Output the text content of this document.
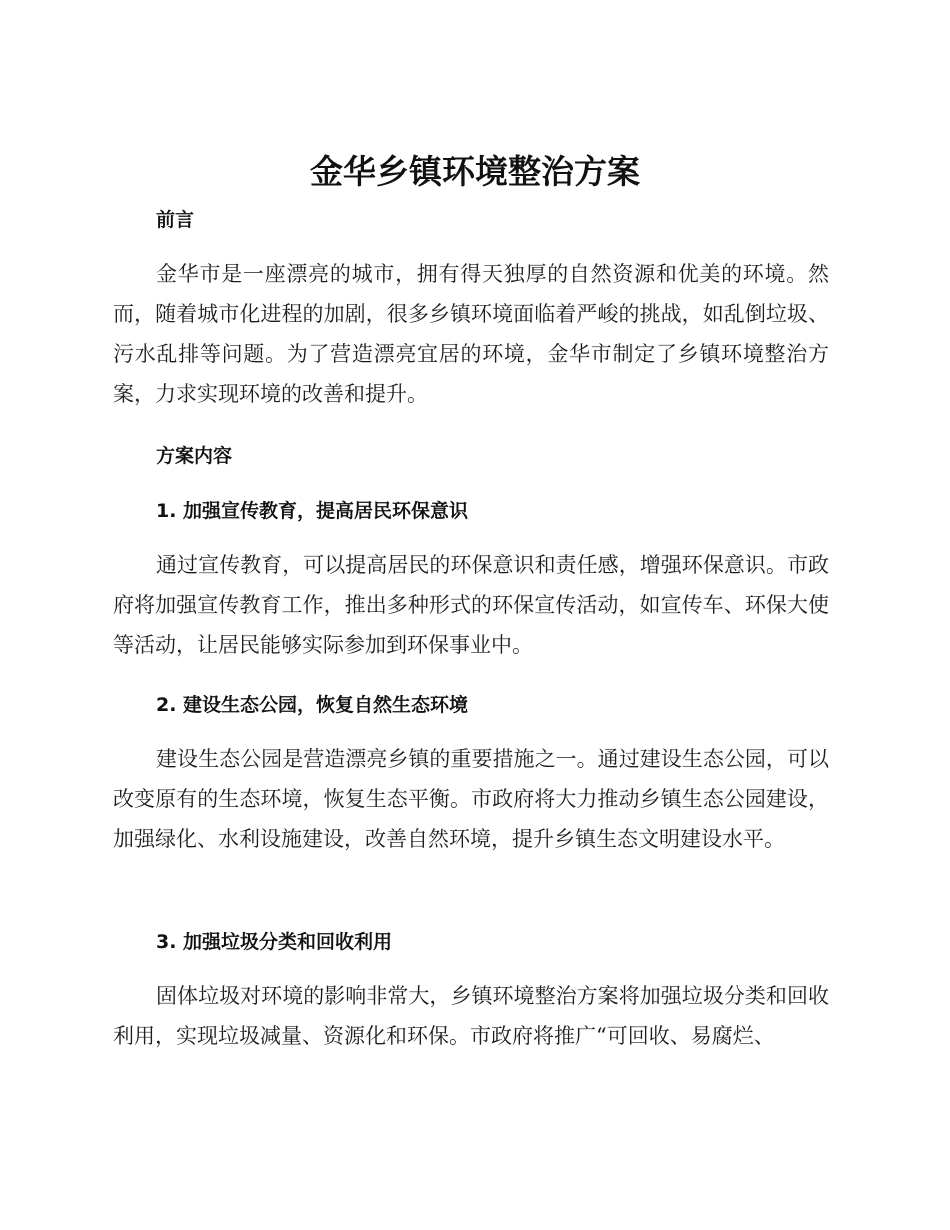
金华乡镇环境整治方案
前言

金华市是一座漂亮的城市，拥有得天独厚的自然资源和优美的环境。然而，随着城市化进程的加剧，很多乡镇环境面临着严峻的挑战，如乱倒垃圾、污水乱排等问题。为了营造漂亮宜居的环境，金华市制定了乡镇环境整治方案，力求实现环境的改善和提升。

方案内容
1. 加强宣传教育，提高居民环保意识

通过宣传教育，可以提高居民的环保意识和责任感，增强环保意识。市政府将加强宣传教育工作，推出多种形式的环保宣传活动，如宣传车、环保大使等活动，让居民能够实际参加到环保事业中。

2. 建设生态公园，恢复自然生态环境

建设生态公园是营造漂亮乡镇的重要措施之一。通过建设生态公园，可以改变原有的生态环境，恢复生态平衡。市政府将大力推动乡镇生态公园建设，加强绿化、水利设施建设，改善自然环境，提升乡镇生态文明建设水平。

3. 加强垃圾分类和回收利用

固体垃圾对环境的影响非常大，乡镇环境整治方案将加强垃圾分类和回收利用，实现垃圾减量、资源化和环保。市政府将推广“可回收、易腐烂、
